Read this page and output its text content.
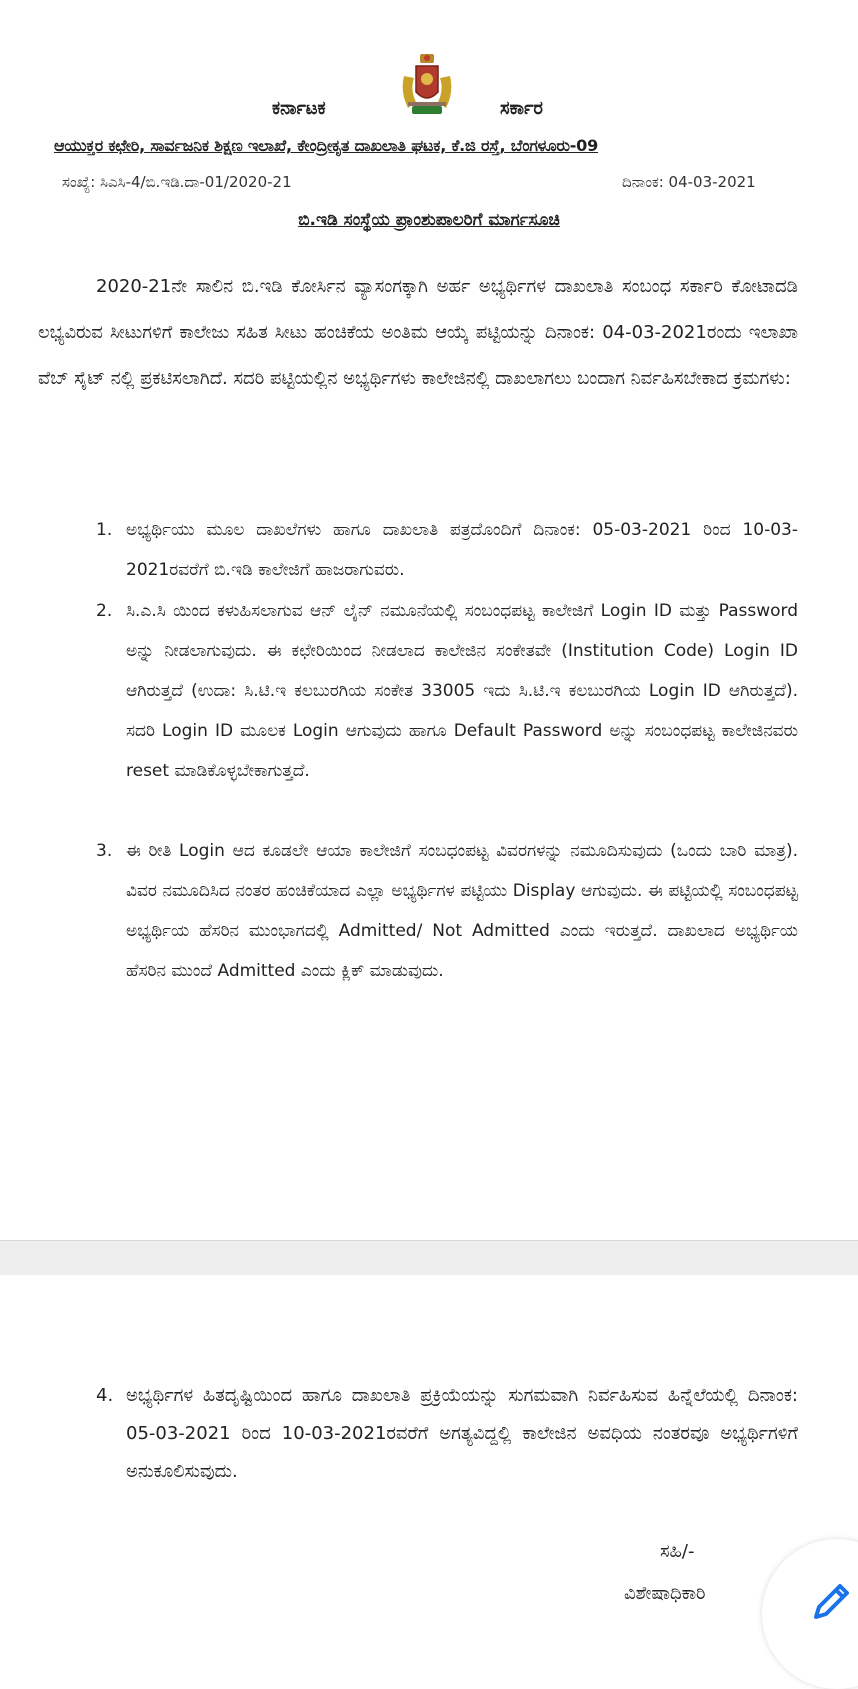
ಕರ್ನಾಟಕ	ಸರ್ಕಾರ
ಆಯುಕ್ತರ ಕಛೇರಿ, ಸಾರ್ವಜನಿಕ ಶಿಕ್ಷಣ ಇಲಾಖೆ, ಕೇಂದ್ರೀಕೃತ ದಾಖಲಾತಿ ಘಟಕ, ಕೆ.ಜಿ ರಸ್ತೆ, ಬೆಂಗಳೂರು-09
ಸಂಖ್ಯೆ: ಸಿಎಸಿ-4/ಬಿ.ಇಡಿ.ದಾ-01/2020-21	ದಿನಾಂಕ: 04-03-2021
ಬಿ.ಇಡಿ ಸಂಸ್ಥೆಯ ಪ್ರಾಂಶುಪಾಲರಿಗೆ ಮಾರ್ಗಸೂಚಿ
2020-21ನೇ ಸಾಲಿನ ಬಿ.ಇಡಿ ಕೋರ್ಸಿನ ವ್ಯಾಸಂಗಕ್ಕಾಗಿ ಅರ್ಹ ಅಭ್ಯರ್ಥಿಗಳ ದಾಖಲಾತಿ ಸಂಬಂಧ ಸರ್ಕಾರಿ ಕೋಟಾದಡಿ ಲಭ್ಯವಿರುವ ಸೀಟುಗಳಿಗೆ ಕಾಲೇಜು ಸಹಿತ ಸೀಟು ಹಂಚಿಕೆಯ ಅಂತಿಮ ಆಯ್ಕೆ ಪಟ್ಟಿಯನ್ನು ದಿನಾಂಕ: 04-03-2021ರಂದು ಇಲಾಖಾ ವೆಬ್ ಸೈಟ್ ನಲ್ಲಿ ಪ್ರಕಟಿಸಲಾಗಿದೆ. ಸದರಿ ಪಟ್ಟಿಯಲ್ಲಿನ ಅಭ್ಯರ್ಥಿಗಳು ಕಾಲೇಜಿನಲ್ಲಿ ದಾಖಲಾಗಲು ಬಂದಾಗ ನಿರ್ವಹಿಸಬೇಕಾದ ಕ್ರಮಗಳು:
1. ಅಭ್ಯರ್ಥಿಯು ಮೂಲ ದಾಖಲೆಗಳು ಹಾಗೂ ದಾಖಲಾತಿ ಪತ್ರದೊಂದಿಗೆ ದಿನಾಂಕ: 05-03-2021 ರಿಂದ 10-03-2021ರವರೆಗೆ ಬಿ.ಇಡಿ ಕಾಲೇಜಿಗೆ ಹಾಜರಾಗುವರು.
2. ಸಿ.ಎ.ಸಿ ಯಿಂದ ಕಳುಹಿಸಲಾಗುವ ಆನ್ ಲೈನ್ ನಮೂನೆಯಲ್ಲಿ ಸಂಬಂಧಪಟ್ಟ ಕಾಲೇಜಿಗೆ Login ID ಮತ್ತು Password ಅನ್ನು ನೀಡಲಾಗುವುದು. ಈ ಕಛೇರಿಯಿಂದ ನೀಡಲಾದ ಕಾಲೇಜಿನ ಸಂಕೇತವೇ (Institution Code) Login ID ಆಗಿರುತ್ತದೆ (ಉದಾ: ಸಿ.ಟಿ.ಇ ಕಲಬುರಗಿಯ ಸಂಕೇತ 33005 ಇದು ಸಿ.ಟಿ.ಇ ಕಲಬುರಗಿಯ Login ID ಆಗಿರುತ್ತದೆ). ಸದರಿ Login ID ಮೂಲಕ Login ಆಗುವುದು ಹಾಗೂ Default Password ಅನ್ನು ಸಂಬಂಧಪಟ್ಟ ಕಾಲೇಜಿನವರು reset ಮಾಡಿಕೊಳ್ಳಬೇಕಾಗುತ್ತದೆ.
3. ಈ ರೀತಿ Login ಆದ ಕೂಡಲೇ ಆಯಾ ಕಾಲೇಜಿಗೆ ಸಂಬಧಂಪಟ್ಟ ವಿವರಗಳನ್ನು ನಮೂದಿಸುವುದು (ಒಂದು ಬಾರಿ ಮಾತ್ರ). ವಿವರ ನಮೂದಿಸಿದ ನಂತರ ಹಂಚಿಕೆಯಾದ ಎಲ್ಲಾ ಅಭ್ಯರ್ಥಿಗಳ ಪಟ್ಟಿಯು Display ಆಗುವುದು. ಈ ಪಟ್ಟಿಯಲ್ಲಿ ಸಂಬಂಧಪಟ್ಟ ಅಭ್ಯರ್ಥಿಯ ಹೆಸರಿನ ಮುಂಭಾಗದಲ್ಲಿ Admitted/ Not Admitted ಎಂದು ಇರುತ್ತದೆ. ದಾಖಲಾದ ಅಭ್ಯರ್ಥಿಯ ಹೆಸರಿನ ಮುಂದೆ Admitted ಎಂದು ಕ್ಲಿಕ್ ಮಾಡುವುದು.
4. ಅಭ್ಯರ್ಥಿಗಳ ಹಿತದೃಷ್ಟಿಯಿಂದ ಹಾಗೂ ದಾಖಲಾತಿ ಪ್ರಕ್ರಿಯೆಯನ್ನು ಸುಗಮವಾಗಿ ನಿರ್ವಹಿಸುವ ಹಿನ್ನೆಲೆಯಲ್ಲಿ ದಿನಾಂಕ: 05-03-2021 ರಿಂದ 10-03-2021ರವರೆಗೆ ಅಗತ್ಯವಿದ್ದಲ್ಲಿ ಕಾಲೇಜಿನ ಅವಧಿಯ ನಂತರವೂ ಅಭ್ಯರ್ಥಿಗಳಿಗೆ ಅನುಕೂಲಿಸುವುದು.
ಸಹಿ/-
ವಿಶೇಷಾಧಿಕಾರಿ
